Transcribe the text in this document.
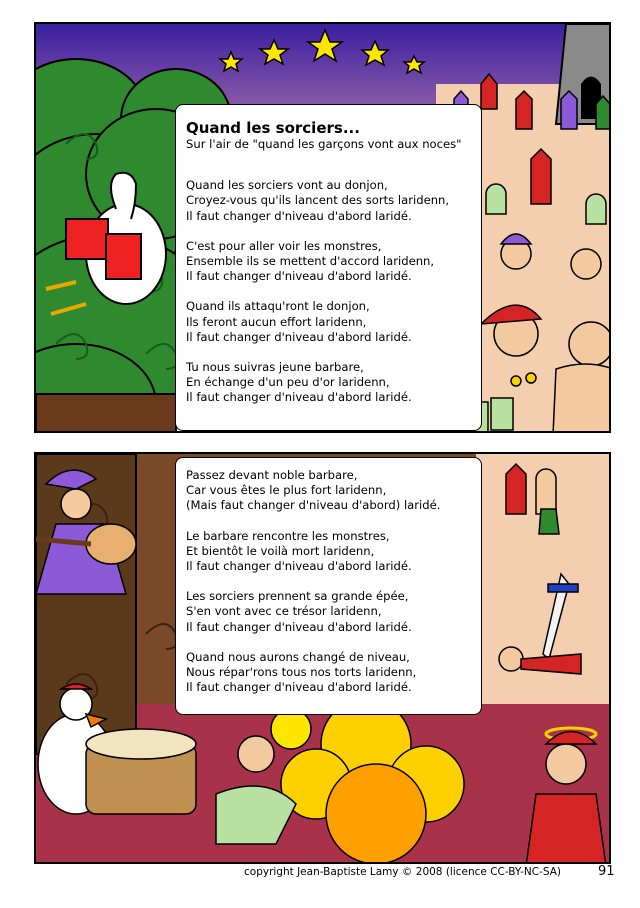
Quand les sorciers...
Sur l'air de "quand les garçons vont aux noces"
Quand les sorciers vont au donjon,
Croyez-vous qu'ils lancent des sorts laridenn,
Il faut changer d'niveau d'abord laridé.
C'est pour aller voir les monstres,
Ensemble ils se mettent d'accord laridenn,
Il faut changer d'niveau d'abord laridé.
Quand ils attaqu'ront le donjon,
Ils feront aucun effort laridenn,
Il faut changer d'niveau d'abord laridé.
Tu nous suivras jeune barbare,
En échange d'un peu d'or laridenn,
Il faut changer d'niveau d'abord laridé.
Passez devant noble barbare,
Car vous êtes le plus fort laridenn,
(Mais faut changer d'niveau d'abord) laridé.
Le barbare rencontre les monstres,
Et bientôt le voilà mort laridenn,
Il faut changer d'niveau d'abord laridé.
Les sorciers prennent sa grande épée,
S'en vont avec ce trésor laridenn,
Il faut changer d'niveau d'abord laridé.
Quand nous aurons changé de niveau,
Nous répar'rons tous nos torts laridenn,
Il faut changer d'niveau d'abord laridé.
copyright Jean-Baptiste Lamy © 2008 (licence CC-BY-NC-SA)	91
